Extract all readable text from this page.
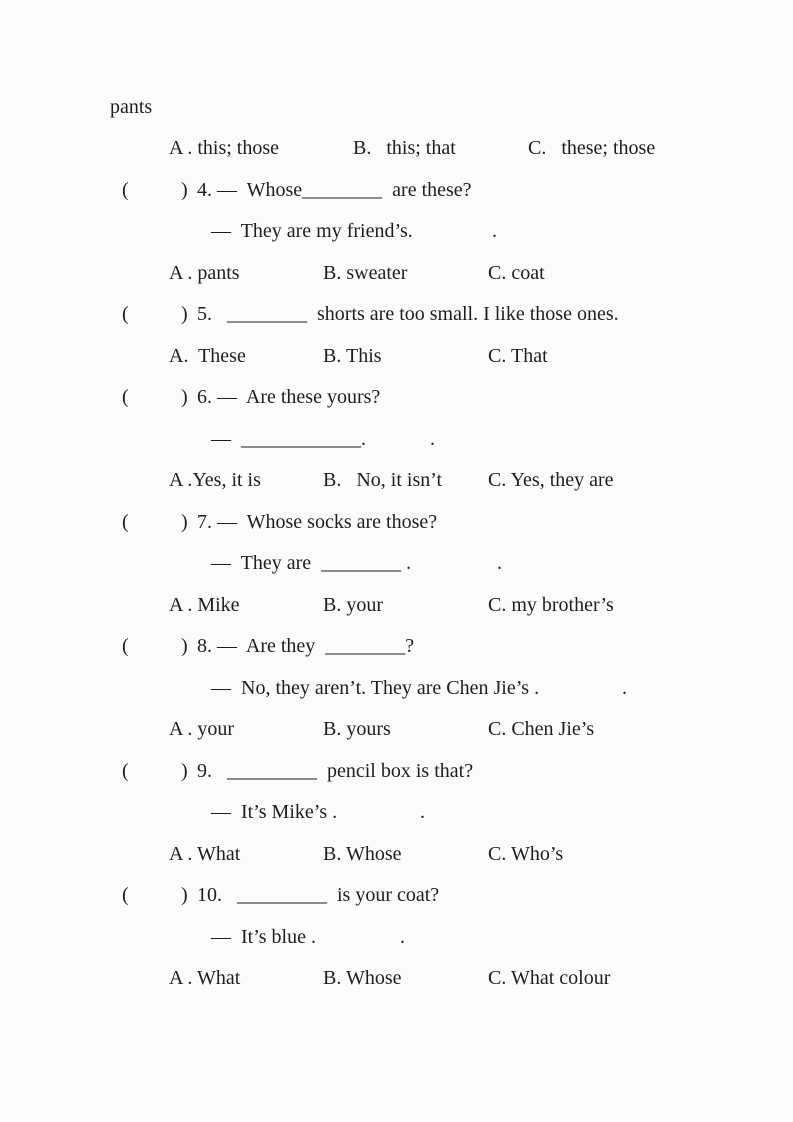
pants

A . this; those

	B.   this; that

	C.   these; those

(

	)

4. —  Whose________  are these?

—  They are my friend’s.

	.

A . pants

	B. sweater

	C. coat

(

	)

5.   ________  shorts are too small. I like those ones.

A.  These

	B. This

	C. That

(

	)

6. —  Are these yours?

—  ____________.

	.

A .Yes, it is

	B.   No, it isn’t

C. Yes, they are

(

	)

7. —  Whose socks are those?

—  They are  ________ .

	.

A . Mike

	B. your

	C. my brother’s

(

	)

8. —  Are they  ________?

—  No, they aren’t. They are Chen Jie’s .

	.

A . your

	B. yours

	C. Chen Jie’s

(

	)

9.   _________  pencil box is that?

—  It’s Mike’s .

	.

A . What

	B. Whose

	C. Who’s

(

	)

10.   _________  is your coat?

—  It’s blue .

	.

A . What

	B. Whose

	C. What colour
